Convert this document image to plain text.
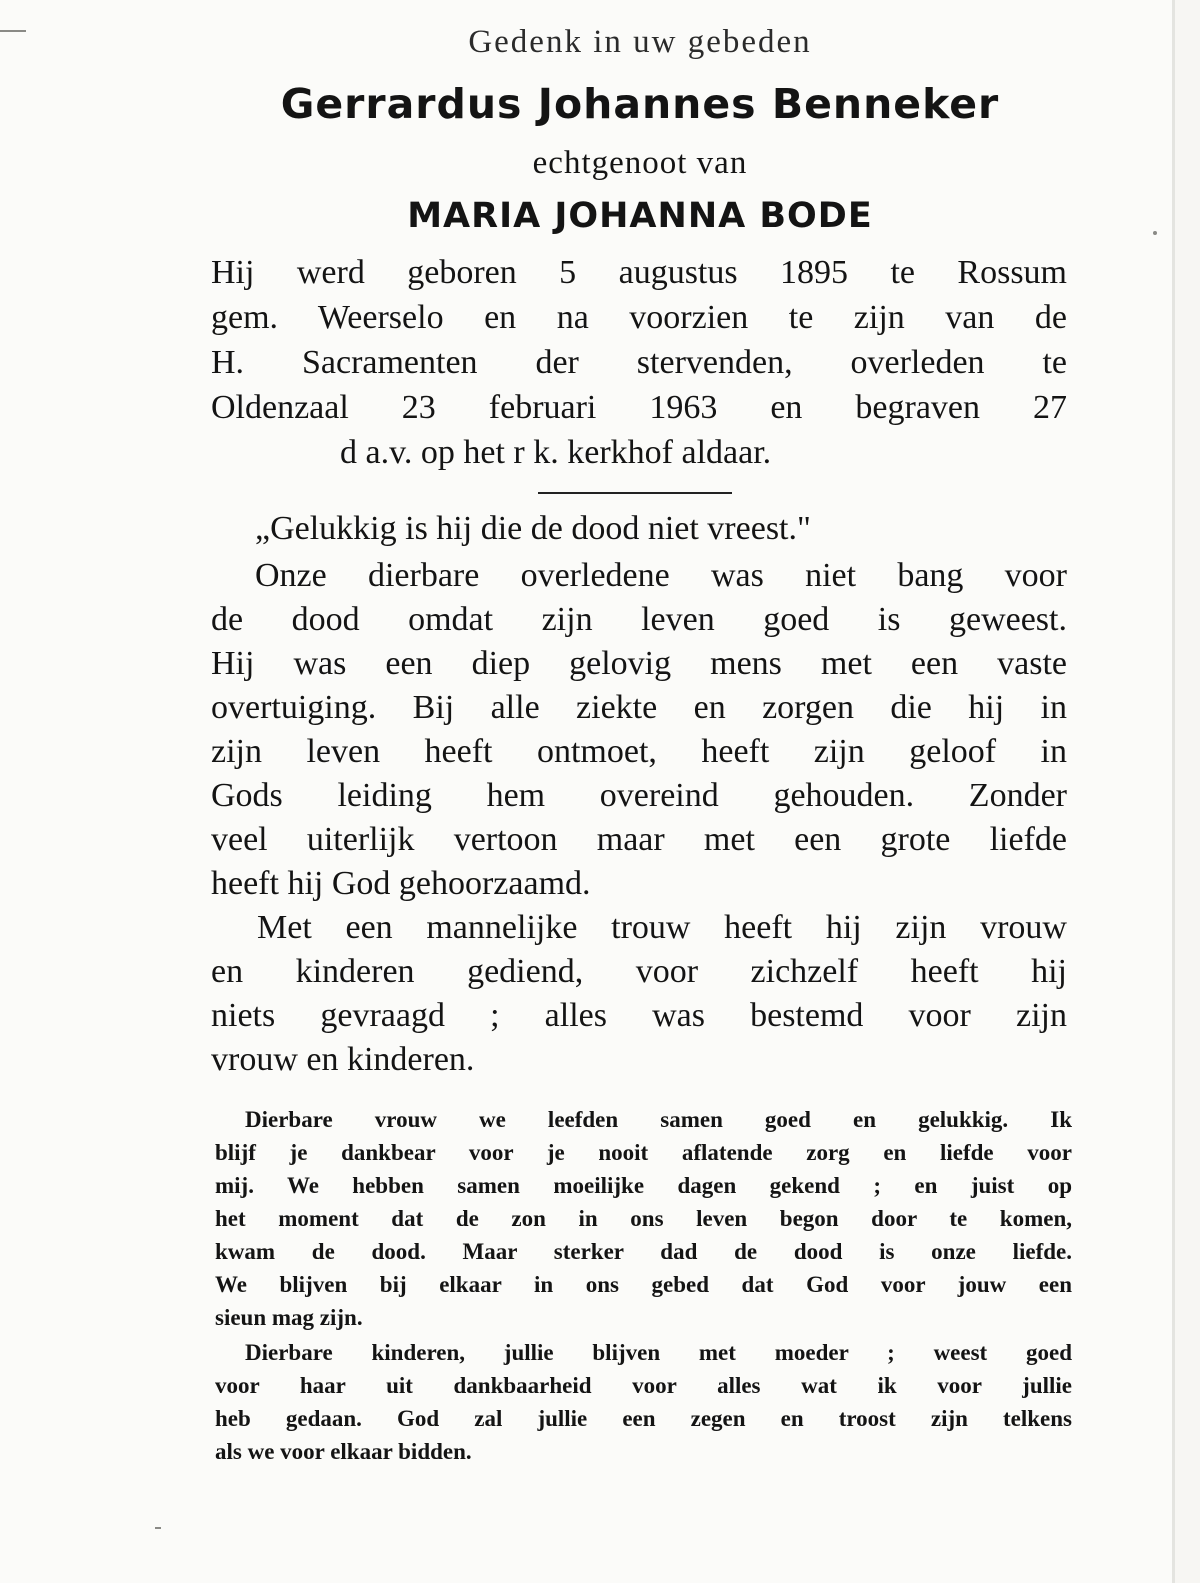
Gedenk in uw gebeden
Gerrardus Johannes Benneker
echtgenoot van
MARIA JOHANNA BODE
Hij werd geboren 5 augustus 1895 te Rossum
gem. Weerselo en na voorzien te zijn van de
H. Sacramenten der stervenden, overleden te
Oldenzaal 23 februari 1963 en begraven 27
d a.v. op het r k. kerkhof aldaar.
„Gelukkig is hij die de dood niet vreest."
Onze dierbare overledene was niet bang voor
de dood omdat zijn leven goed is geweest.
Hij was een diep gelovig mens met een vaste
overtuiging. Bij alle ziekte en zorgen die hij in
zijn leven heeft ontmoet, heeft zijn geloof in
Gods leiding hem overeind gehouden. Zonder
veel uiterlijk vertoon maar met een grote liefde
heeft hij God gehoorzaamd.
Met een mannelijke trouw heeft hij zijn vrouw
en kinderen gediend, voor zichzelf heeft hij
niets gevraagd ; alles was bestemd voor zijn
vrouw en kinderen.
Dierbare vrouw we leefden samen goed en gelukkig. Ik
blijf je dankbear voor je nooit aflatende zorg en liefde voor
mij. We hebben samen moeilijke dagen gekend ; en juist op
het moment dat de zon in ons leven begon door te komen,
kwam de dood. Maar sterker dad de dood is onze liefde.
We blijven bij elkaar in ons gebed dat God voor jouw een
sieun mag zijn.
Dierbare kinderen, jullie blijven met moeder ; weest goed
voor haar uit dankbaarheid voor alles wat ik voor jullie
heb gedaan. God zal jullie een zegen en troost zijn telkens
als we voor elkaar bidden.
